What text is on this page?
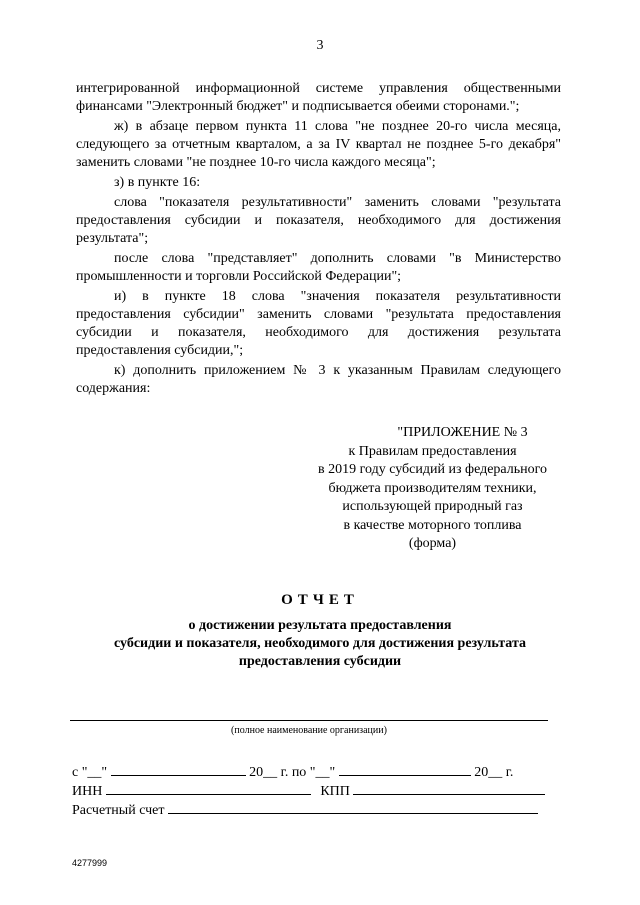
3

интегрированной информационной системе управления общественными финансами "Электронный бюджет" и подписывается обеими сторонами.";

ж) в абзаце первом пункта 11 слова "не позднее 20-го числа месяца, следующего за отчетным кварталом, а за IV квартал не позднее 5-го декабря" заменить словами "не позднее 10-го числа каждого месяца";

з) в пункте 16:

слова "показателя результативности" заменить словами "результата предоставления субсидии и показателя, необходимого для достижения результата";

после слова "представляет" дополнить словами "в Министерство промышленности и торговли Российской Федерации";

и) в пункте 18 слова "значения показателя результативности предоставления субсидии" заменить словами "результата предоставления субсидии и показателя, необходимого для достижения результата предоставления субсидии,";

к) дополнить приложением № 3 к указанным Правилам следующего содержания:

"ПРИЛОЖЕНИЕ № 3
к Правилам предоставления
в 2019 году субсидий из федерального
бюджета производителям техники,
использующей природный газ
в качестве моторного топлива
(форма)
ОТЧЕТ
о достижении результата предоставления
субсидии и показателя, необходимого для достижения результата
предоставления субсидии
(полное наименование организации)
с "__"	20__ г. по "__"	20__ г.
ИНН	КПП
Расчетный счет
4277999
